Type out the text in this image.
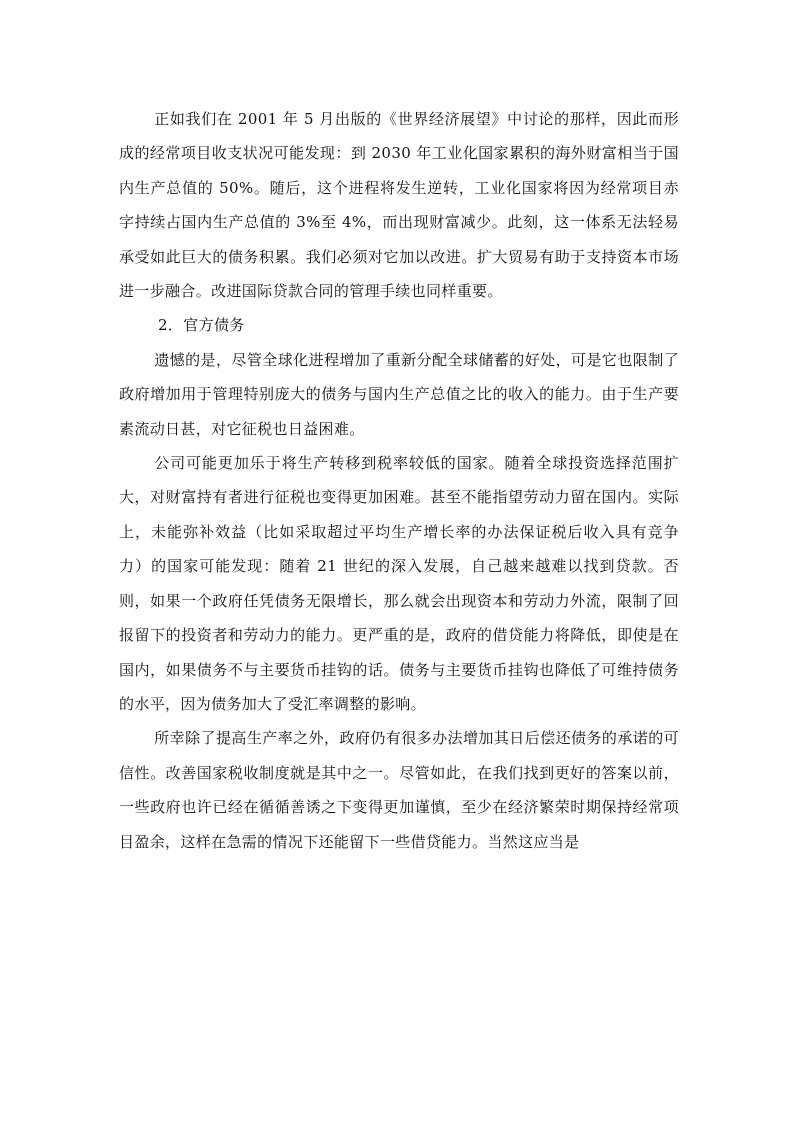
正如我们在 2001 年 5 月出版的《世界经济展望》中讨论的那样，因此而形成的经常项目收支状况可能发现：到 2030 年工业化国家累积的海外财富相当于国内生产总值的 50%。随后，这个进程将发生逆转，工业化国家将因为经常项目赤字持续占国内生产总值的 3%至 4%，而出现财富减少。此刻，这一体系无法轻易承受如此巨大的债务积累。我们必须对它加以改进。扩大贸易有助于支持资本市场进一步融合。改进国际贷款合同的管理手续也同样重要。

2．官方债务

遗憾的是，尽管全球化进程增加了重新分配全球储蓄的好处，可是它也限制了政府增加用于管理特别庞大的债务与国内生产总值之比的收入的能力。由于生产要素流动日甚，对它征税也日益困难。

公司可能更加乐于将生产转移到税率较低的国家。随着全球投资选择范围扩大，对财富持有者进行征税也变得更加困难。甚至不能指望劳动力留在国内。实际上，未能弥补效益（比如采取超过平均生产增长率的办法保证税后收入具有竞争力）的国家可能发现：随着 21 世纪的深入发展，自己越来越难以找到贷款。否则，如果一个政府任凭债务无限增长，那么就会出现资本和劳动力外流，限制了回报留下的投资者和劳动力的能力。更严重的是，政府的借贷能力将降低，即使是在国内，如果债务不与主要货币挂钩的话。债务与主要货币挂钩也降低了可维持债务的水平，因为债务加大了受汇率调整的影响。

所幸除了提高生产率之外，政府仍有很多办法增加其日后偿还债务的承诺的可信性。改善国家税收制度就是其中之一。尽管如此，在我们找到更好的答案以前，一些政府也许已经在循循善诱之下变得更加谨慎，至少在经济繁荣时期保持经常项目盈余，这样在急需的情况下还能留下一些借贷能力。当然这应当是
